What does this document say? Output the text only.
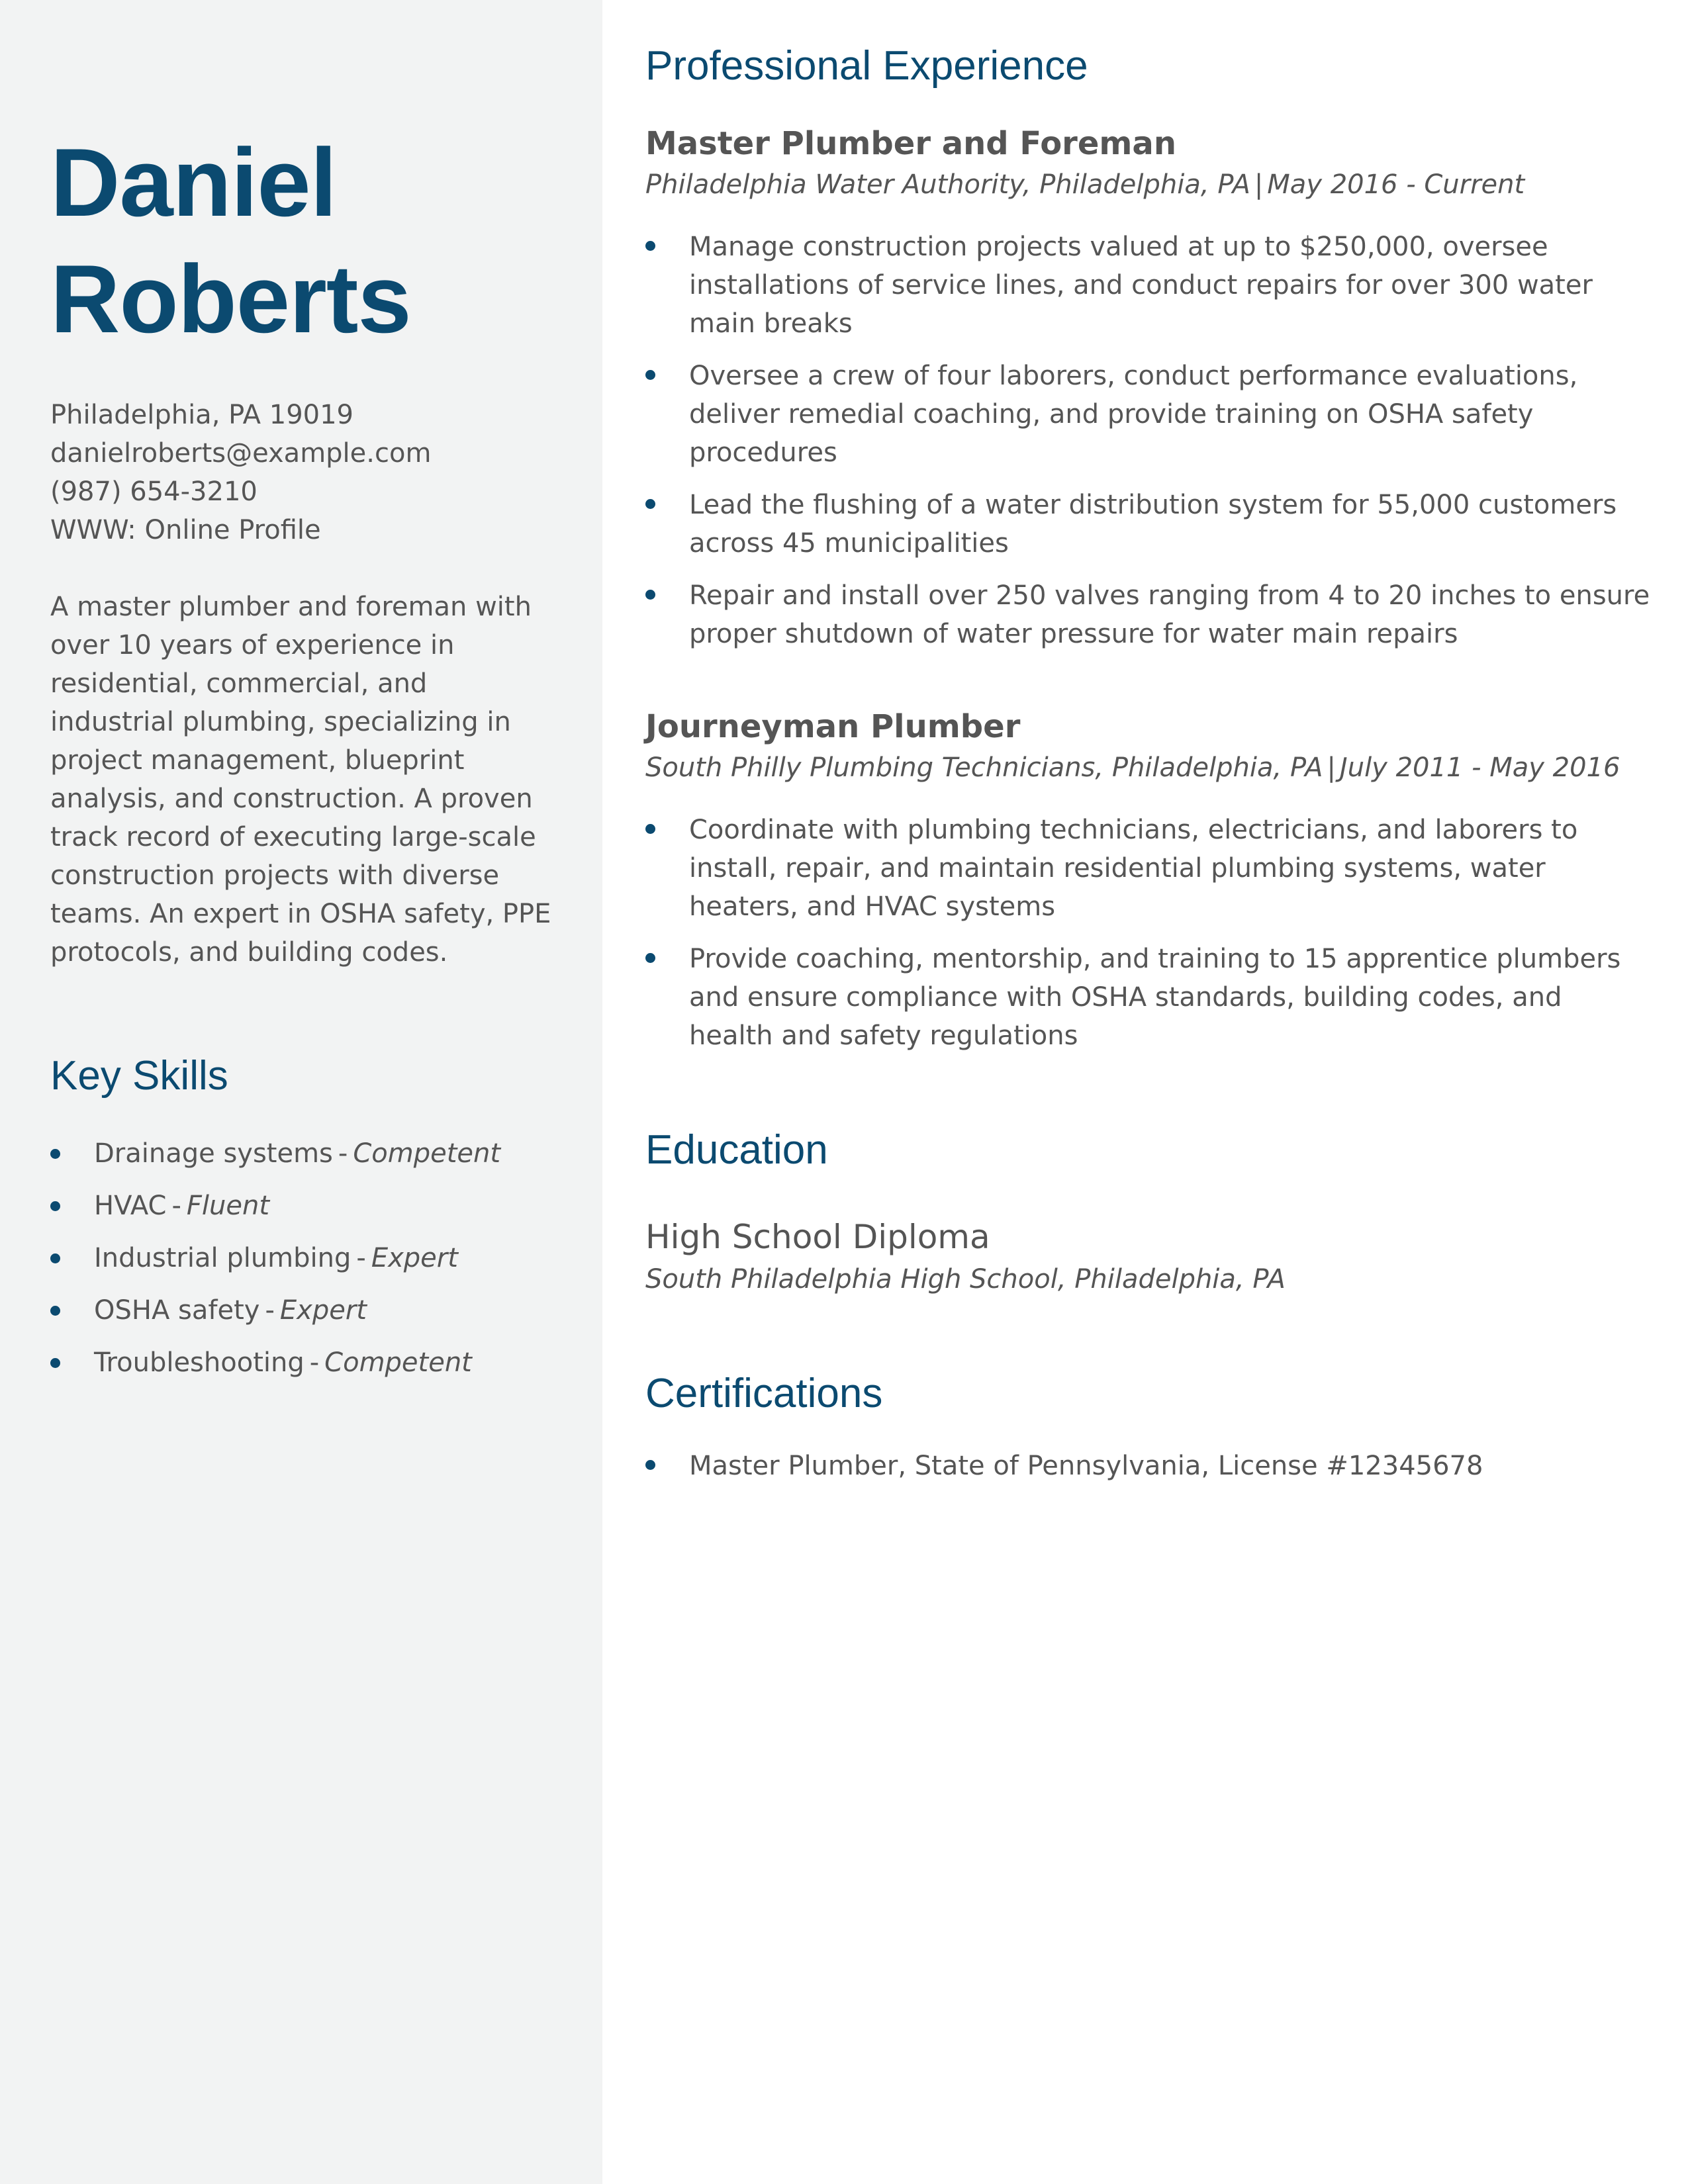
Daniel
Roberts
Philadelphia, PA 19019
danielroberts@example.com
(987) 654-3210
WWW: Online Profile
A master plumber and foreman with over 10 years of experience in residential, commercial, and industrial plumbing, specializing in project management, blueprint analysis, and construction. A proven track record of executing large-scale construction projects with diverse teams. An expert in OSHA safety, PPE protocols, and building codes.
Key Skills
Drainage systems - Competent
HVAC - Fluent
Industrial plumbing - Expert
OSHA safety - Expert
Troubleshooting - Competent
Professional Experience
Master Plumber and Foreman
Philadelphia Water Authority, Philadelphia, PA | May 2016 - Current
Manage construction projects valued at up to $250,000, oversee installations of service lines, and conduct repairs for over 300 water main breaks
Oversee a crew of four laborers, conduct performance evaluations, deliver remedial coaching, and provide training on OSHA safety procedures
Lead the flushing of a water distribution system for 55,000 customers across 45 municipalities
Repair and install over 250 valves ranging from 4 to 20 inches to ensure proper shutdown of water pressure for water main repairs
Journeyman Plumber
South Philly Plumbing Technicians, Philadelphia, PA | July 2011 - May 2016
Coordinate with plumbing technicians, electricians, and laborers to install, repair, and maintain residential plumbing systems, water heaters, and HVAC systems
Provide coaching, mentorship, and training to 15 apprentice plumbers and ensure compliance with OSHA standards, building codes, and health and safety regulations
Education
High School Diploma
South Philadelphia High School, Philadelphia, PA
Certifications
Master Plumber, State of Pennsylvania, License #12345678
